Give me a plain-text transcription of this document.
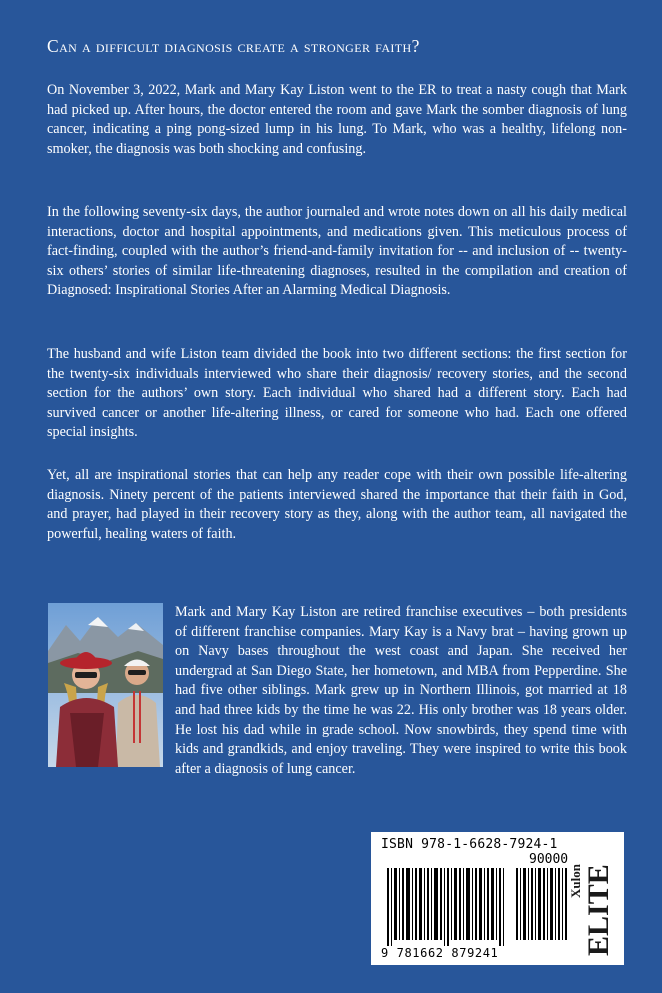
Can a difficult diagnosis create a stronger faith?

On November 3, 2022, Mark and Mary Kay Liston went to the ER to treat a nasty cough that Mark had picked up. After hours, the doctor entered the room and gave Mark the somber diagnosis of lung cancer, indicating a ping pong-sized lump in his lung. To Mark, who was a healthy, lifelong non-smoker, the diagnosis was both shocking and confusing.

In the following seventy-six days, the author journaled and wrote notes down on all his daily medical interactions, doctor and hospital appointments, and medications given. This meticulous process of fact-finding, coupled with the author’s friend-and-family invitation for -- and inclusion of -- twenty-six others’ stories of similar life-threatening diagnoses, resulted in the compilation and creation of Diagnosed: Inspirational Stories After an Alarming Medical Diagnosis.

The husband and wife Liston team divided the book into two different sections: the first section for the twenty-six individuals interviewed who share their diagnosis/ recovery stories, and the second section for the authors’ own story. Each individual who shared had a different story. Each had survived cancer or another life-altering illness, or cared for someone who had. Each one offered special insights.

Yet, all are inspirational stories that can help any reader cope with their own possible life-altering diagnosis. Ninety percent of the patients interviewed shared the importance that their faith in God, and prayer, had played in their recovery story as they, along with the author team, all navigated the powerful, healing waters of faith.

Mark and Mary Kay Liston are retired franchise executives – both presidents of different franchise companies. Mary Kay is a Navy brat – having grown up on Navy bases throughout the west coast and Japan. She received her undergrad at San Diego State, her hometown, and MBA from Pepperdine. She had five other siblings. Mark grew up in Northern Illinois, got married at 18 and had three kids by the time he was 22. His only brother was 18 years older. He lost his dad while in grade school. Now snowbirds, they spend time with kids and grandkids, and enjoy traveling. They were inspired to write this book after a diagnosis of lung cancer.

ISBN 978-1-6628-7924-1
90000
9 781662 879241	ELITE
Xulon
